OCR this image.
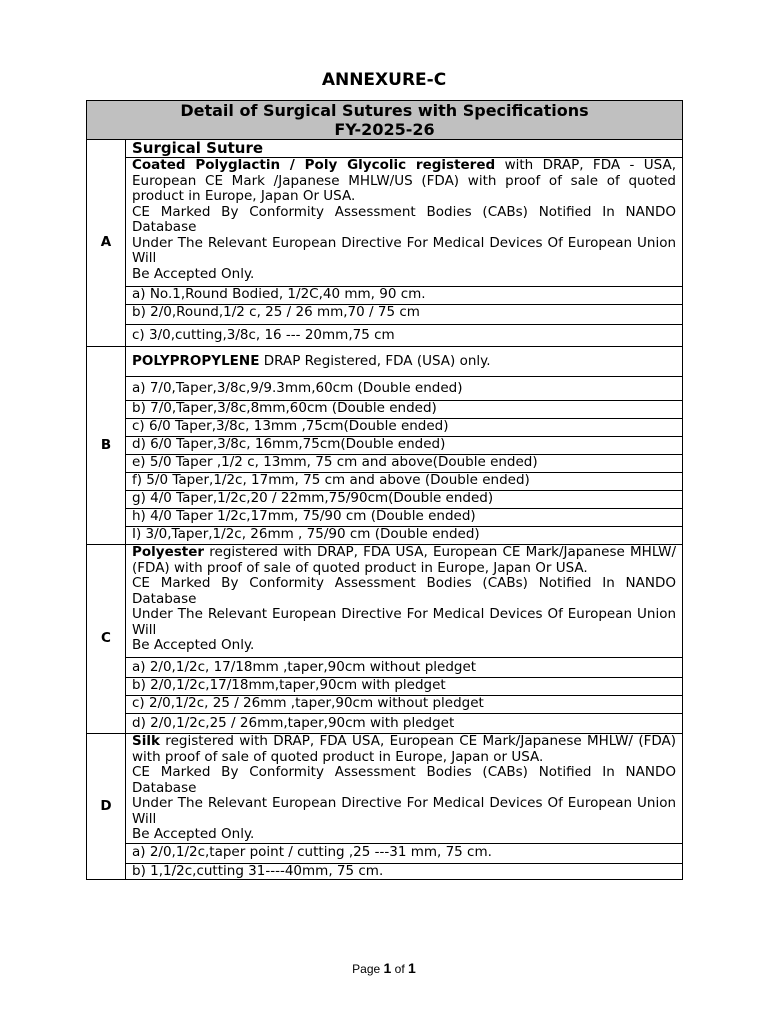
ANNEXURE-C
Detail of Surgical Sutures with Specifications
FY-2025-26	

A	Surgical Suture

	Coated Polyglactin / Poly Glycolic registered with DRAP, FDA - USA, European CE Mark /Japanese MHLW/US (FDA) with proof of sale of quoted product in Europe, Japan Or USA.
CE Marked By Conformity Assessment Bodies (CABs) Notified In NANDO Database
Under The Relevant European Directive For Medical Devices Of European Union Will
Be Accepted Only.

	a) No.1,Round Bodied, 1/2C,40 mm, 90 cm.
	b) 2/0,Round,1/2 c, 25 / 26 mm,70 / 75 cm
	c) 3/0,cutting,3/8c, 16 --- 20mm,75 cm
B	POLYPROPYLENE DRAP Registered, FDA (USA) only.
	a) 7/0,Taper,3/8c,9/9.3mm,60cm (Double ended)
	b) 7/0,Taper,3/8c,8mm,60cm (Double ended)
	c) 6/0 Taper,3/8c, 13mm ,75cm(Double ended)
	d) 6/0 Taper,3/8c, 16mm,75cm(Double ended)
	e) 5/0 Taper ,1/2 c, 13mm, 75 cm and above(Double ended)
	f) 5/0 Taper,1/2c, 17mm, 75 cm and above (Double ended)
	g) 4/0 Taper,1/2c,20 / 22mm,75/90cm(Double ended)
	h) 4/0 Taper 1/2c,17mm, 75/90 cm (Double ended)
	I) 3/0,Taper,1/2c, 26mm , 75/90 cm (Double ended)
C	Polyester registered with DRAP, FDA USA, European CE Mark/Japanese MHLW/ (FDA) with proof of sale of quoted product in Europe, Japan Or USA.
CE Marked By Conformity Assessment Bodies (CABs) Notified In NANDO Database
Under The Relevant European Directive For Medical Devices Of European Union Will
Be Accepted Only.

	a) 2/0,1/2c, 17/18mm ,taper,90cm without pledget
	b) 2/0,1/2c,17/18mm,taper,90cm with pledget
	c) 2/0,1/2c, 25 / 26mm ,taper,90cm without pledget
	d) 2/0,1/2c,25 / 26mm,taper,90cm with pledget
D	Silk registered with DRAP, FDA USA, European CE Mark/Japanese MHLW/ (FDA) with proof of sale of quoted product in Europe, Japan or USA.
CE Marked By Conformity Assessment Bodies (CABs) Notified In NANDO Database
Under The Relevant European Directive For Medical Devices Of European Union Will
Be Accepted Only.

	a) 2/0,1/2c,taper point / cutting ,25 ---31 mm, 75 cm.
	b) 1,1/2c,cutting 31----40mm, 75 cm.
Page 1 of 1
